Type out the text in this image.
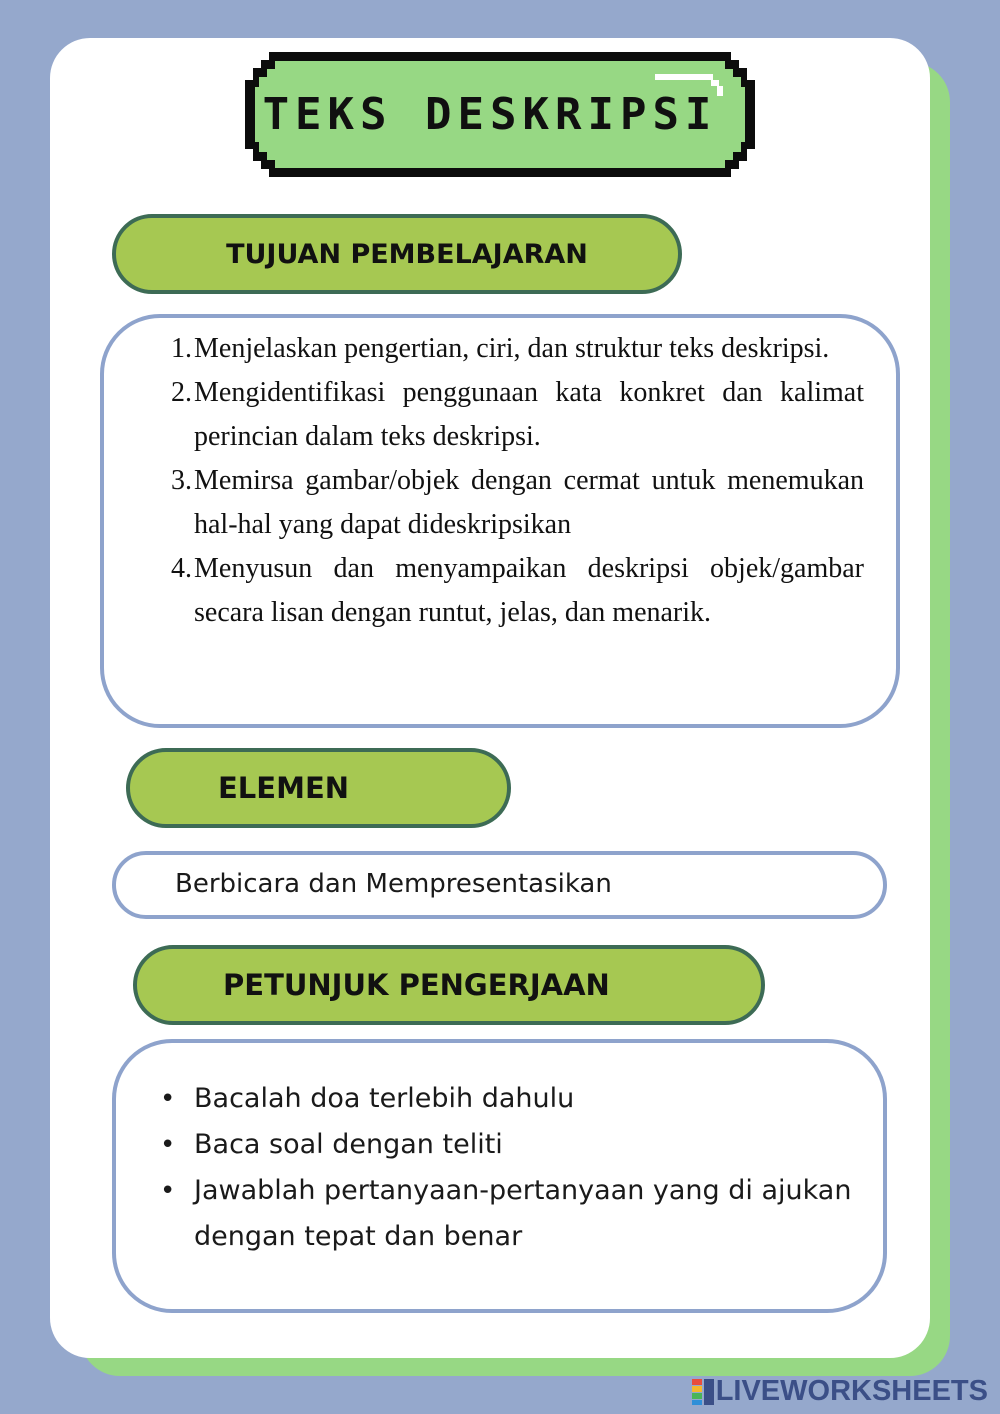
TEKS DESKRIPSI
TUJUAN PEMBELAJARAN
1. Menjelaskan pengertian, ciri, dan struktur teks deskripsi.
2. Mengidentifikasi penggunaan kata konkret dan kalimat perincian dalam teks deskripsi.
3. Memirsa gambar/objek dengan cermat untuk menemukan hal-hal yang dapat dideskripsikan
4. Menyusun dan menyampaikan deskripsi objek/gambar secara lisan dengan runtut, jelas, dan menarik.
ELEMEN
Berbicara dan Mempresentasikan
PETUNJUK PENGERJAAN
• Bacalah doa terlebih dahulu
• Baca soal dengan teliti
• Jawablah pertanyaan-pertanyaan yang di ajukan dengan tepat dan benar
LIVEWORKSHEETS
